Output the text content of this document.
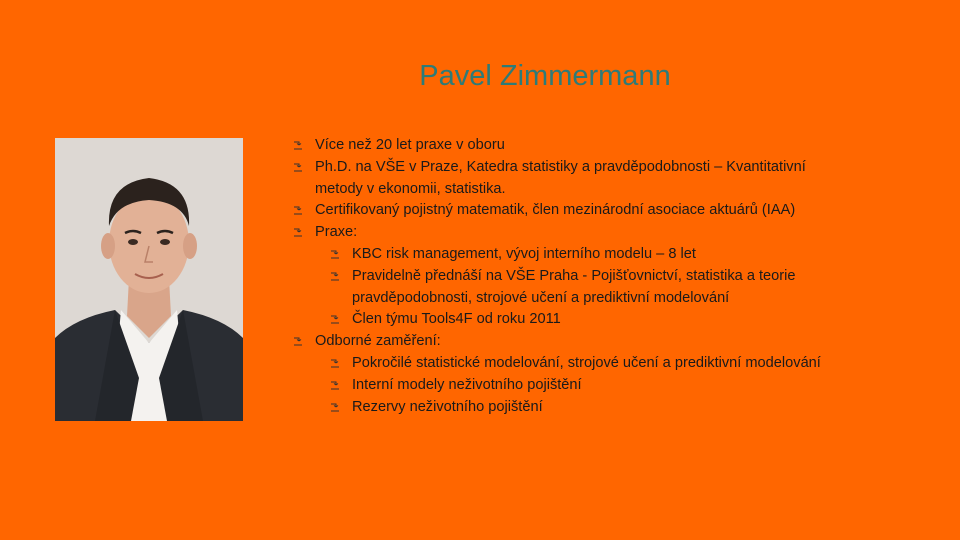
Pavel Zimmermann
Více než 20 let praxe v oboru
Ph.D. na VŠE v Praze, Katedra statistiky a pravděpodobnosti – Kvantitativní metody v ekonomii, statistika.
Certifikovaný pojistný matematik, člen mezinárodní asociace aktuárů (IAA)
Praxe:
KBC risk management, vývoj interního modelu – 8 let
Pravidelně přednáší na VŠE Praha - Pojišťovnictví, statistika a teorie pravděpodobnosti, strojové učení a prediktivní modelování
Člen týmu Tools4F od roku 2011
Odborné zaměření:
Pokročilé statistické modelování, strojové učení a prediktivní modelování
Interní modely neživotního pojištění
Rezervy neživotního pojištění
